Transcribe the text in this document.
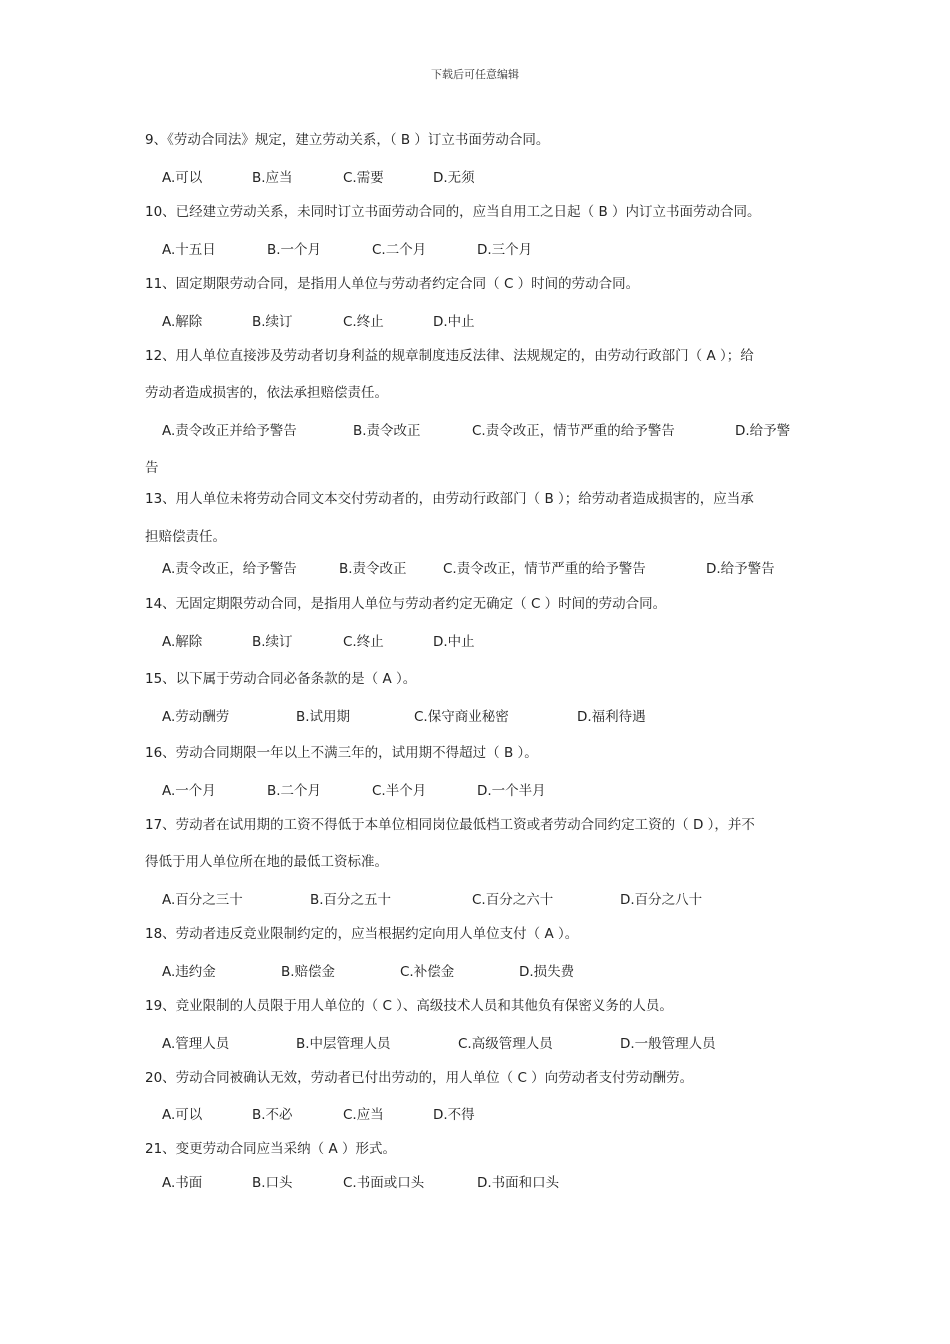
下载后可任意编辑
9、《劳动合同法》规定，建立劳动关系，（ B ）订立书面劳动合同。
A.可以	B.应当	C.需要	D.无须
10、已经建立劳动关系，未同时订立书面劳动合同的，应当自用工之日起（ B ）内订立书面劳动合同。
A.十五日	B.一个月	C.二个月	D.三个月
11、固定期限劳动合同，是指用人单位与劳动者约定合同（ C ）时间的劳动合同。
A.解除	B.续订	C.终止	D.中止
12、用人单位直接涉及劳动者切身利益的规章制度违反法律、法规规定的，由劳动行政部门（ A ）；给
劳动者造成损害的，依法承担赔偿责任。
A.责令改正并给予警告	B.责令改正	C.责令改正，情节严重的给予警告	D.给予警
告
13、用人单位未将劳动合同文本交付劳动者的，由劳动行政部门（ B ）；给劳动者造成损害的，应当承
担赔偿责任。
A.责令改正，给予警告	B.责令改正	C.责令改正，情节严重的给予警告	D.给予警告
14、无固定期限劳动合同，是指用人单位与劳动者约定无确定（ C ）时间的劳动合同。
A.解除	B.续订	C.终止	D.中止
15、以下属于劳动合同必备条款的是（ A ）。
A.劳动酬劳	B.试用期	C.保守商业秘密	D.福利待遇
16、劳动合同期限一年以上不满三年的，试用期不得超过（ B ）。
A.一个月	B.二个月	C.半个月	D.一个半月
17、劳动者在试用期的工资不得低于本单位相同岗位最低档工资或者劳动合同约定工资的（ D ），并不
得低于用人单位所在地的最低工资标准。
A.百分之三十	B.百分之五十	C.百分之六十	D.百分之八十
18、劳动者违反竞业限制约定的，应当根据约定向用人单位支付（ A ）。
A.违约金	B.赔偿金	C.补偿金	D.损失费
19、竞业限制的人员限于用人单位的（ C ）、高级技术人员和其他负有保密义务的人员。
A.管理人员	B.中层管理人员	C.高级管理人员	D.一般管理人员
20、劳动合同被确认无效，劳动者已付出劳动的，用人单位（ C ）向劳动者支付劳动酬劳。
A.可以	B.不必	C.应当	D.不得
21、变更劳动合同应当采纳（ A ）形式。
A.书面	B.口头	C.书面或口头	D.书面和口头
